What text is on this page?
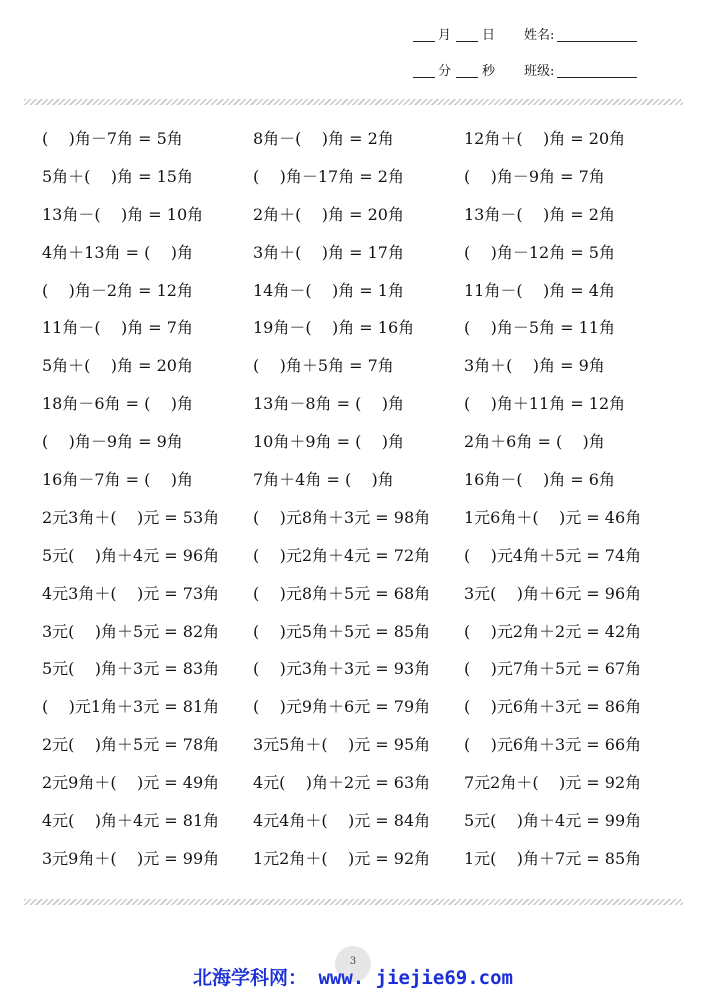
月 日 姓名:
分 秒 班级:
(    )角－7角 = 5角	8角－(    )角 = 2角	12角＋(    )角 = 20角
5角＋(    )角 = 15角	(    )角－17角 = 2角	(    )角－9角 = 7角
13角－(    )角 = 10角	2角＋(    )角 = 20角	13角－(    )角 = 2角
4角＋13角 = (    )角	3角＋(    )角 = 17角	(    )角－12角 = 5角
(    )角－2角 = 12角	14角－(    )角 = 1角	11角－(    )角 = 4角
11角－(    )角 = 7角	19角－(    )角 = 16角	(    )角－5角 = 11角
5角＋(    )角 = 20角	(    )角＋5角 = 7角	3角＋(    )角 = 9角
18角－6角 = (    )角	13角－8角 = (    )角	(    )角＋11角 = 12角
(    )角－9角 = 9角	10角＋9角 = (    )角	2角＋6角 = (    )角
16角－7角 = (    )角	7角＋4角 = (    )角	16角－(    )角 = 6角
2元3角＋(    )元 = 53角 (    )元8角＋3元 = 98角 1元6角＋(    )元 = 46角
5元(    )角＋4元 = 96角 (    )元2角＋4元 = 72角 (    )元4角＋5元 = 74角
4元3角＋(    )元 = 73角 (    )元8角＋5元 = 68角 3元(    )角＋6元 = 96角
3元(    )角＋5元 = 82角 (    )元5角＋5元 = 85角 (    )元2角＋2元 = 42角
5元(    )角＋3元 = 83角 (    )元3角＋3元 = 93角 (    )元7角＋5元 = 67角
(    )元1角＋3元 = 81角 (    )元9角＋6元 = 79角 (    )元6角＋3元 = 86角
2元(    )角＋5元 = 78角 3元5角＋(    )元 = 95角 (    )元6角＋3元 = 66角
2元9角＋(    )元 = 49角 4元(    )角＋2元 = 63角 7元2角＋(    )元 = 92角
4元(    )角＋4元 = 81角 4元4角＋(    )元 = 84角 5元(    )角＋4元 = 99角
3元9角＋(    )元 = 99角 1元2角＋(    )元 = 92角 1元(    )角＋7元 = 85角
3
北海学科网： www. jiejie69.com
